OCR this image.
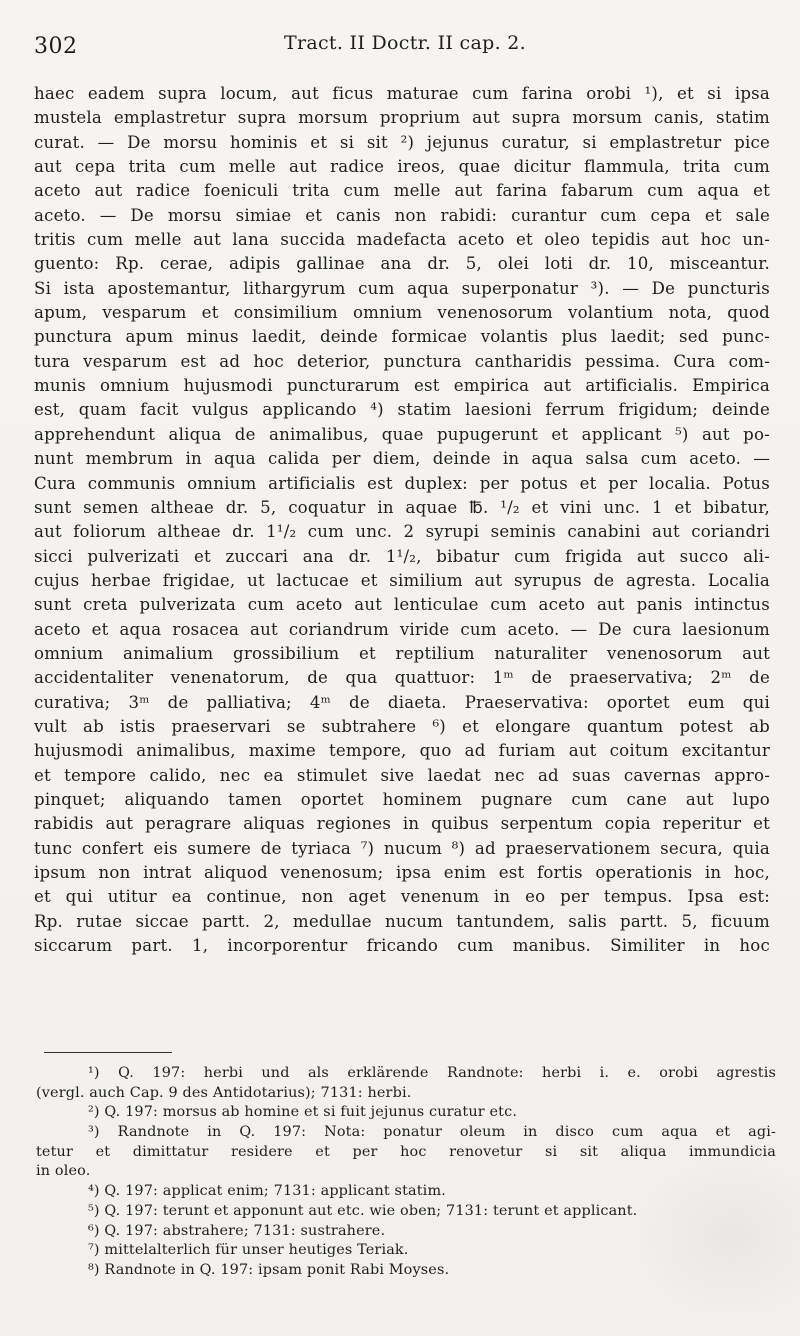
302	Tract. II Doctr. II cap. 2.
haec eadem supra locum, aut ficus maturae cum farina orobi ¹), et si ipsa
mustela emplastretur supra morsum proprium aut supra morsum canis, statim
curat. — De morsu hominis et si sit ²) jejunus curatur, si emplastretur pice
aut cepa trita cum melle aut radice ireos, quae dicitur flammula, trita cum
aceto aut radice foeniculi trita cum melle aut farina fabarum cum aqua et
aceto. — De morsu simiae et canis non rabidi: curantur cum cepa et sale
tritis cum melle aut lana succida madefacta aceto et oleo tepidis aut hoc un-
guento: Rp. cerae, adipis gallinae ana dr. 5, olei loti dr. 10, misceantur.
Si ista apostemantur, lithargyrum cum aqua superponatur ³). — De puncturis
apum, vesparum et consimilium omnium venenosorum volantium nota, quod
punctura apum minus laedit, deinde formicae volantis plus laedit; sed punc-
tura vesparum est ad hoc deterior, punctura cantharidis pessima. Cura com-
munis omnium hujusmodi puncturarum est empirica aut artificialis. Empirica
est, quam facit vulgus applicando ⁴) statim laesioni ferrum frigidum; deinde
apprehendunt aliqua de animalibus, quae pupugerunt et applicant ⁵) aut po-
nunt membrum in aqua calida per diem, deinde in aqua salsa cum aceto. —
Cura communis omnium artificialis est duplex: per potus et per localia. Potus
sunt semen altheae dr. 5, coquatur in aquae ℔. ¹/₂ et vini unc. 1 et bibatur,
aut foliorum altheae dr. 1¹/₂ cum unc. 2 syrupi seminis canabini aut coriandri
sicci pulverizati et zuccari ana dr. 1¹/₂, bibatur cum frigida aut succo ali-
cujus herbae frigidae, ut lactucae et similium aut syrupus de agresta. Localia
sunt creta pulverizata cum aceto aut lenticulae cum aceto aut panis intinctus
aceto et aqua rosacea aut coriandrum viride cum aceto. — De cura laesionum
omnium animalium grossibilium et reptilium naturaliter venenosorum aut
accidentaliter venenatorum, de qua quattuor: 1ᵐ de praeservativa; 2ᵐ de
curativa; 3ᵐ de palliativa; 4ᵐ de diaeta. Praeservativa: oportet eum qui
vult ab istis praeservari se subtrahere ⁶) et elongare quantum potest ab
hujusmodi animalibus, maxime tempore, quo ad furiam aut coitum excitantur
et tempore calido, nec ea stimulet sive laedat nec ad suas cavernas appro-
pinquet; aliquando tamen oportet hominem pugnare cum cane aut lupo
rabidis aut peragrare aliquas regiones in quibus serpentum copia reperitur et
tunc confert eis sumere de tyriaca ⁷) nucum ⁸) ad praeservationem secura, quia
ipsum non intrat aliquod venenosum; ipsa enim est fortis operationis in hoc,
et qui utitur ea continue, non aget venenum in eo per tempus. Ipsa est:
Rp. rutae siccae partt. 2, medullae nucum tantundem, salis partt. 5, ficuum
siccarum part. 1, incorporentur fricando cum manibus. Similiter in hoc
¹) Q. 197: herbi und als erklärende Randnote: herbi i. e. orobi agrestis
(vergl. auch Cap. 9 des Antidotarius); 7131: herbi.
²) Q. 197: morsus ab homine et si fuit jejunus curatur etc.
³) Randnote in Q. 197: Nota: ponatur oleum in disco cum aqua et agi-
tetur et dimittatur residere et per hoc renovetur si sit aliqua immundicia
in oleo.
⁴) Q. 197: applicat enim; 7131: applicant statim.
⁵) Q. 197: terunt et apponunt aut etc. wie oben; 7131: terunt et applicant.
⁶) Q. 197: abstrahere; 7131: sustrahere.
⁷) mittelalterlich für unser heutiges Teriak.
⁸) Randnote in Q. 197: ipsam ponit Rabi Moyses.
